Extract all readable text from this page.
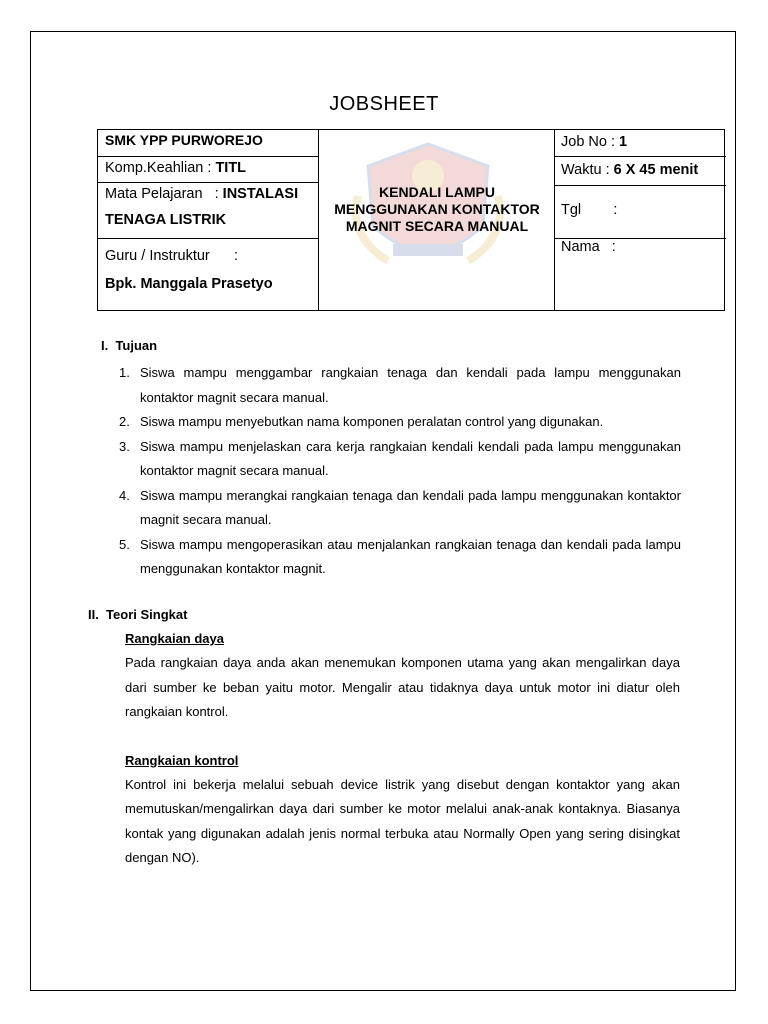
JOBSHEET
SMK YPP PURWOREJO
Komp.Keahlian : TITL
Mata Pelajaran   : INSTALASI
TENAGA LISTRIK
Guru / Instruktur      :
Bpk. Manggala Prasetyo
KENDALI LAMPU
MENGGUNAKAN KONTAKTOR
MAGNIT SECARA MANUAL
Job No : 1
Waktu : 6 X 45 menit
Tgl        :
Nama   :
I.  Tujuan
1. Siswa mampu menggambar rangkaian tenaga dan kendali pada lampu menggunakan kontaktor magnit secara manual.
2. Siswa mampu menyebutkan nama komponen peralatan control yang digunakan.
3. Siswa mampu menjelaskan cara kerja rangkaian kendali kendali pada lampu menggunakan kontaktor magnit secara manual.
4. Siswa mampu merangkai rangkaian tenaga dan kendali pada lampu menggunakan kontaktor magnit secara manual.
5. Siswa mampu mengoperasikan atau menjalankan rangkaian tenaga dan kendali pada lampu menggunakan kontaktor magnit.
II.  Teori Singkat
Rangkaian daya
Pada rangkaian daya anda akan menemukan komponen utama yang akan mengalirkan daya dari sumber ke beban yaitu motor. Mengalir atau tidaknya daya untuk motor ini diatur oleh rangkaian kontrol.
Rangkaian kontrol
Kontrol ini bekerja melalui sebuah device listrik yang disebut dengan kontaktor yang akan memutuskan/mengalirkan daya dari sumber ke motor melalui anak-anak kontaknya. Biasanya kontak yang digunakan adalah jenis normal terbuka atau Normally Open yang sering disingkat dengan NO).
